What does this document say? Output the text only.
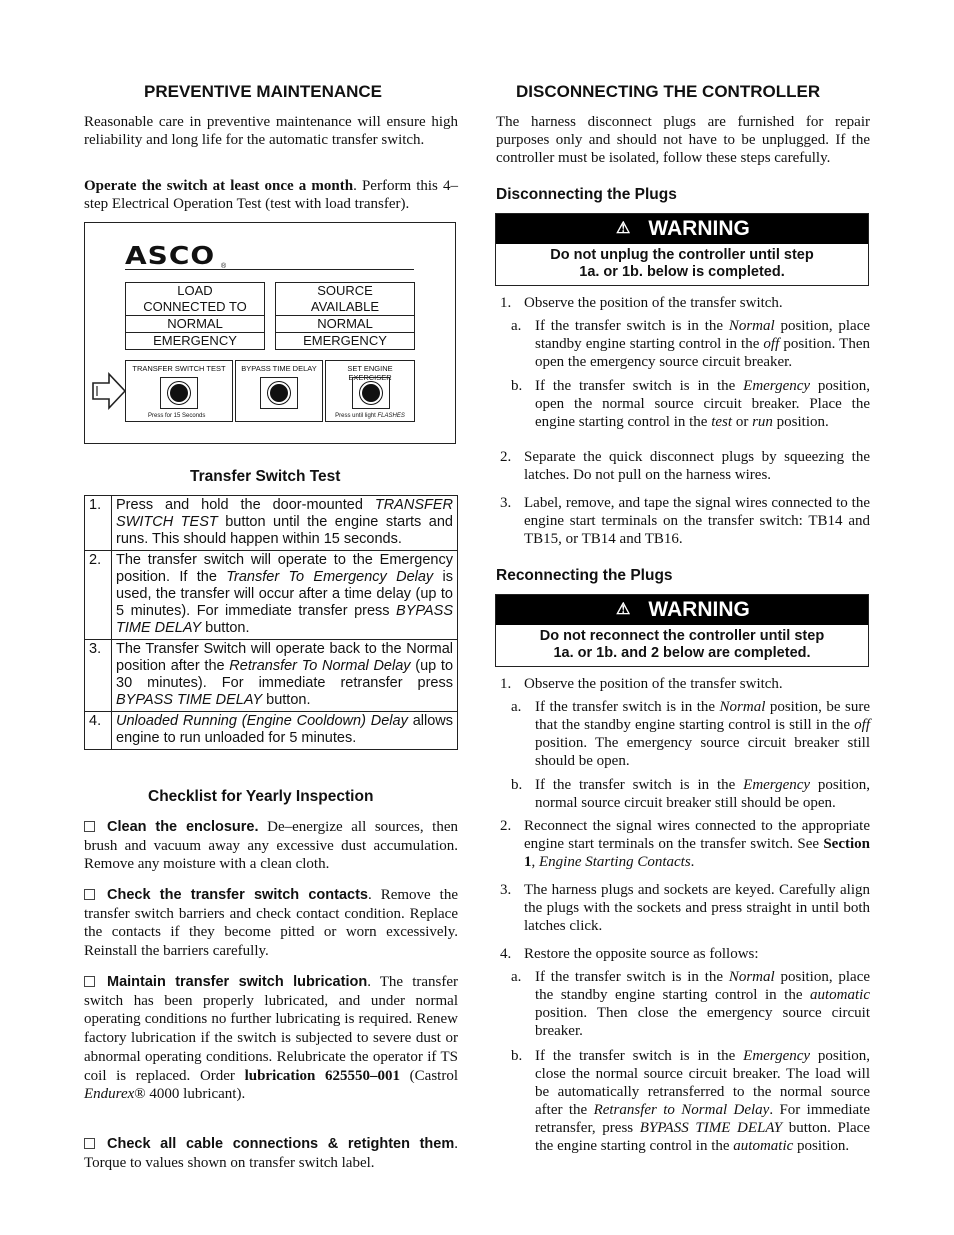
PREVENTIVE MAINTENANCE

Reasonable care in preventive maintenance will ensure high reliability and long life for the automatic transfer switch.

Operate the switch at least once a month. Perform this 4–step Electrical Operation Test (test with load transfer).

ASCO ®
LOAD
CONNECTED TO
NORMAL
EMERGENCY
SOURCE
AVAILABLE
NORMAL
EMERGENCY
TRANSFER SWITCH TEST
Press for 15 Seconds
BYPASS TIME DELAY	SET ENGINE EXERCISER
Press until light FLASHES
Transfer Switch Test
1.	Press and hold the door-mounted TRANSFER SWITCH TEST button until the engine starts and runs. This should happen within 15 seconds.
2.	The transfer switch will operate to the Emergency position. If the Transfer To Emergency Delay is used, the transfer will occur after a time delay (up to 5 minutes). For immediate transfer press BYPASS TIME DELAY button.
3.	The Transfer Switch will operate back to the Normal position after the Retransfer To Normal Delay (up to 30 minutes). For immediate retransfer press BYPASS TIME DELAY button.
4.	Unloaded Running (Engine Cooldown) Delay allows engine to run unloaded for 5 minutes.
Checklist for Yearly Inspection
Clean the enclosure. De–energize all sources, then brush and vacuum away any excessive dust accumulation. Remove any moisture with a clean cloth.
Check the transfer switch contacts. Remove the transfer switch barriers and check contact condition. Replace the contacts if they become pitted or worn excessively. Reinstall the barriers carefully.
Maintain transfer switch lubrication. The transfer switch has been properly lubricated, and under normal operating conditions no further lubricating is required. Renew factory lubrication if the switch is subjected to severe dust or abnormal operating conditions. Relubricate the operator if TS coil is replaced. Order lubrication 625550–001 (Castrol Endurex® 4000 lubricant).
Check all cable connections & retighten them. Torque to values shown on transfer switch label.
DISCONNECTING THE CONTROLLER

The harness disconnect plugs are furnished for repair purposes only and should not have to be unplugged. If the controller must be isolated, follow these steps carefully.

Disconnecting the Plugs
⚠ WARNING
Do not unplug the controller until step
1a. or 1b. below is completed.
1. Observe the position of the transfer switch.
a. If the transfer switch is in the Normal position, place standby engine starting control in the off position. Then open the emergency source circuit breaker.
b. If the transfer switch is in the Emergency position, open the normal source circuit breaker. Place the engine starting control in the test or run position.
2. Separate the quick disconnect plugs by squeezing the latches. Do not pull on the harness wires.
3. Label, remove, and tape the signal wires connected to the engine start terminals on the transfer switch: TB14 and TB15, or TB14 and TB16.
Reconnecting the Plugs
⚠ WARNING
Do not reconnect the controller until step
1a. or 1b. and 2 below are completed.
1. Observe the position of the transfer switch.
a. If the transfer switch is in the Normal position, be sure that the standby engine starting control is still in the off position. The emergency source circuit breaker still should be open.
b. If the transfer switch is in the Emergency position, normal source circuit breaker still should be open.
2. Reconnect the signal wires connected to the appropriate engine start terminals on the transfer switch. See Section 1, Engine Starting Contacts.
3. The harness plugs and sockets are keyed. Carefully align the plugs with the sockets and press straight in until both latches click.
4. Restore the opposite source as follows:
a. If the transfer switch is in the Normal position, place the standby engine starting control in the automatic position. Then close the emergency source circuit breaker.
b. If the transfer switch is in the Emergency position, close the normal source circuit breaker. The load will be automatically retransferred to the normal source after the Retransfer to Normal Delay. For immediate retransfer, press BYPASS TIME DELAY button. Place the engine starting control in the automatic position.
